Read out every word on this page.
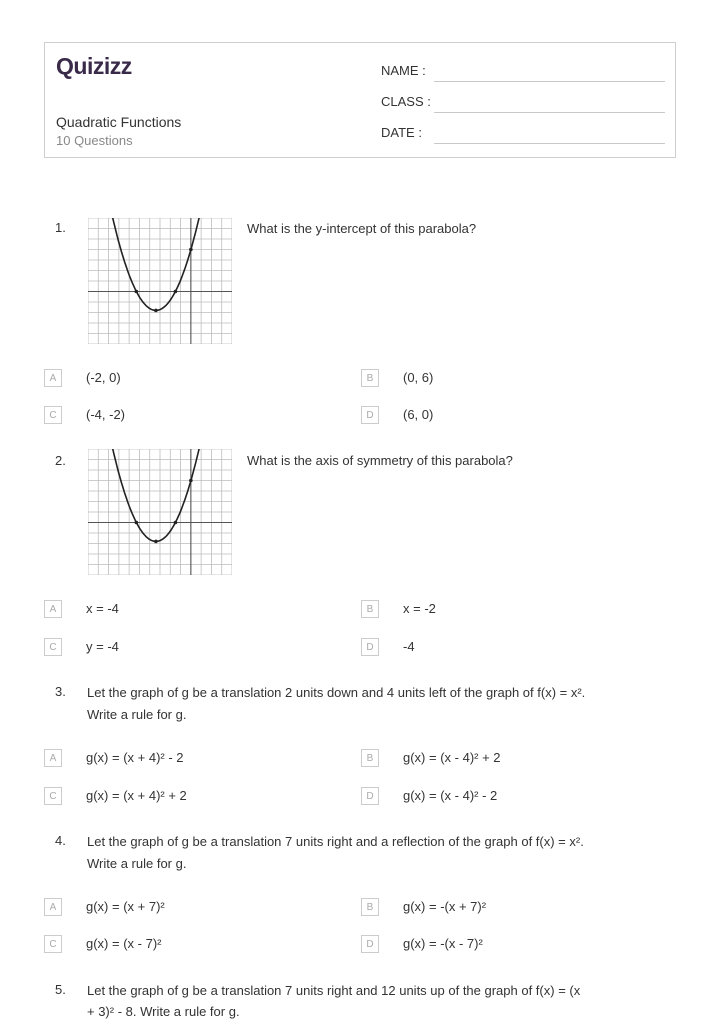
Quizizz
Quadratic Functions
10 Questions
NAME :
CLASS :
DATE :
1.	What is the y-intercept of this parabola?
A	(-2, 0)	B	(0, 6)
C	(-4, -2)	D	(6, 0)
2.	What is the axis of symmetry of this parabola?
A	x = -4	B	x = -2
C	y = -4	D	-4
3. Let the graph of g be a translation 2 units down and 4 units left of the graph of f(x) = x².
Write a rule for g.
A	g(x) = (x + 4)² - 2	B	g(x) = (x - 4)² + 2
C	g(x) = (x + 4)² + 2	D	g(x) = (x - 4)² - 2
4. Let the graph of g be a translation 7 units right and a reflection of the graph of f(x) = x².
Write a rule for g.
A	g(x) = (x + 7)²	B	g(x) = -(x + 7)²
C	g(x) = (x - 7)²	D	g(x) = -(x - 7)²
5. Let the graph of g be a translation 7 units right and 12 units up of the graph of f(x) = (x
+ 3)² - 8. Write a rule for g.
